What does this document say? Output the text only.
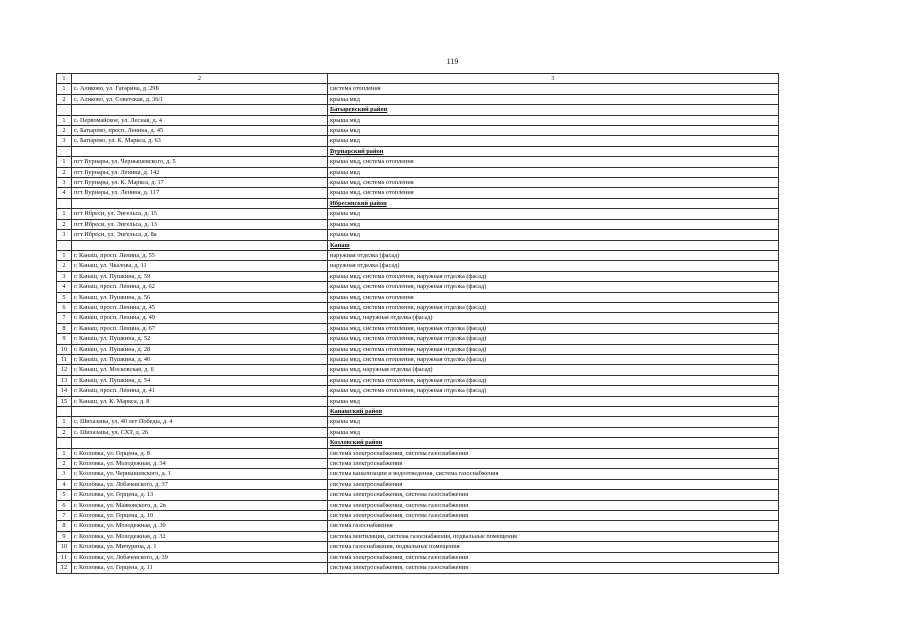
119
1	2	3
1	с. Аликово, ул. Гагарина, д. 29Б	система отопления
2	с. Аликово, ул. Советская, д. 36/1	крыша мкд
		Батыревский район
1	с. Первомайское, ул. Лесная, д. 4	крыша мкд
2	с. Батырево, просп. Ленина, д. 45	крыша мкд
3	с. Батырево, ул. К. Маркса, д. 63	крыша мкд
		Вурнарский район
1	пгт Вурнары, ул. Чернышевского, д. 5	крыша мкд, система отопления
2	пгт Вурнары, ул. Ленина, д. 142	крыша мкд
3	пгт Вурнары, ул. К. Маркса, д. 17	крыша мкд, система отопления
4	пгт Вурнары, ул. Ленина, д. 117	крыша мкд, система отопления
		Ибресинский район
1	пгт Ибреси, ул. Энгельса, д. 15	крыша мкд
2	пгт Ибреси, ул. Энгельса, д. 13	крыша мкд
3	пгт Ибреси, ул. Энгельса, д. 8а	крыша мкд
		Канаш
1	г. Канаш, просп. Ленина, д. 55	наружная отделка (фасад)
2	г. Канаш, ул. Чкалова, д. 11	наружная отделка (фасад)
3	г. Канаш, ул. Пушкина, д. 59	крыша мкд, система отопления, наружная отделка (фасад)
4	г. Канаш, просп. Ленина, д. 62	крыша мкд, система отопления, наружная отделка (фасад)
5	г. Канаш, ул. Пушкина, д. 56	крыша мкд, система отопления
6	г. Канаш, просп. Ленина, д. 45	крыша мкд, система отопления, наружная отделка (фасад)
7	г. Канаш, просп. Ленина, д. 49	крыша мкд, наружная отделка (фасад)
8	г. Канаш, просп. Ленина, д. 67	крыша мкд, система отопления, наружная отделка (фасад)
9	г. Канаш, ул. Пушкина, д. 52	крыша мкд, система отопления, наружная отделка (фасад)
10	г. Канаш, ул. Пушкина, д. 28	крыша мкд, система отопления, наружная отделка (фасад)
11	г. Канаш, ул. Пушкина, д. 46	крыша мкд, система отопления, наружная отделка (фасад)
12	г. Канаш, ул. Московская, д. 6	крыша мкд, наружная отделка (фасад)
13	г. Канаш, ул. Пушкина, д. 54	крыша мкд, система отопления, наружная отделка (фасад)
14	г. Канаш, просп. Ленина, д. 41	крыша мкд, система отопления, наружная отделка (фасад)
15	г. Канаш, ул. К. Маркса, д. 8	крыша мкд
		Канашский район
1	с. Шихазаны, ул. 40 лет Победы, д. 4	крыша мкд
2	с. Шихазаны, ул. СХТ, д. 26	крыша мкд
		Козловский район
1	г. Козловка, ул. Герцена, д. 8	система электроснабжения, система газоснабжения
2	г. Козловка, ул. Молодежная, д. 34	система электроснабжения
3	г. Козловка, ул. Чернышевского, д. 1	система канализации и водоотведения, система газоснабжения
4	г. Козловка, ул. Лобачевского, д. 37	система электроснабжения
5	г. Козловка, ул. Герцена, д. 13	система электроснабжения, система газоснабжения
6	г. Козловка, ул. Маяковского, д. 2в	система электроснабжения, система газоснабжения
7	г. Козловка, ул. Герцена, д. 10	система электроснабжения, система газоснабжения
8	г. Козловка, ул. Молодежная, д. 30	система газоснабжения
9	г. Козловка, ул. Молодежная, д. 32	система вентиляции, система газоснабжения, подвальные помещения
10	г. Козловка, ул. Мичурина, д. 1	система газоснабжения, подвальные помещения
11	г. Козловка, ул. Лобачевского, д. 39	система электроснабжения, система газоснабжения
12	г. Козловка, ул. Герцена, д. 11	система электроснабжения, система газоснабжения
